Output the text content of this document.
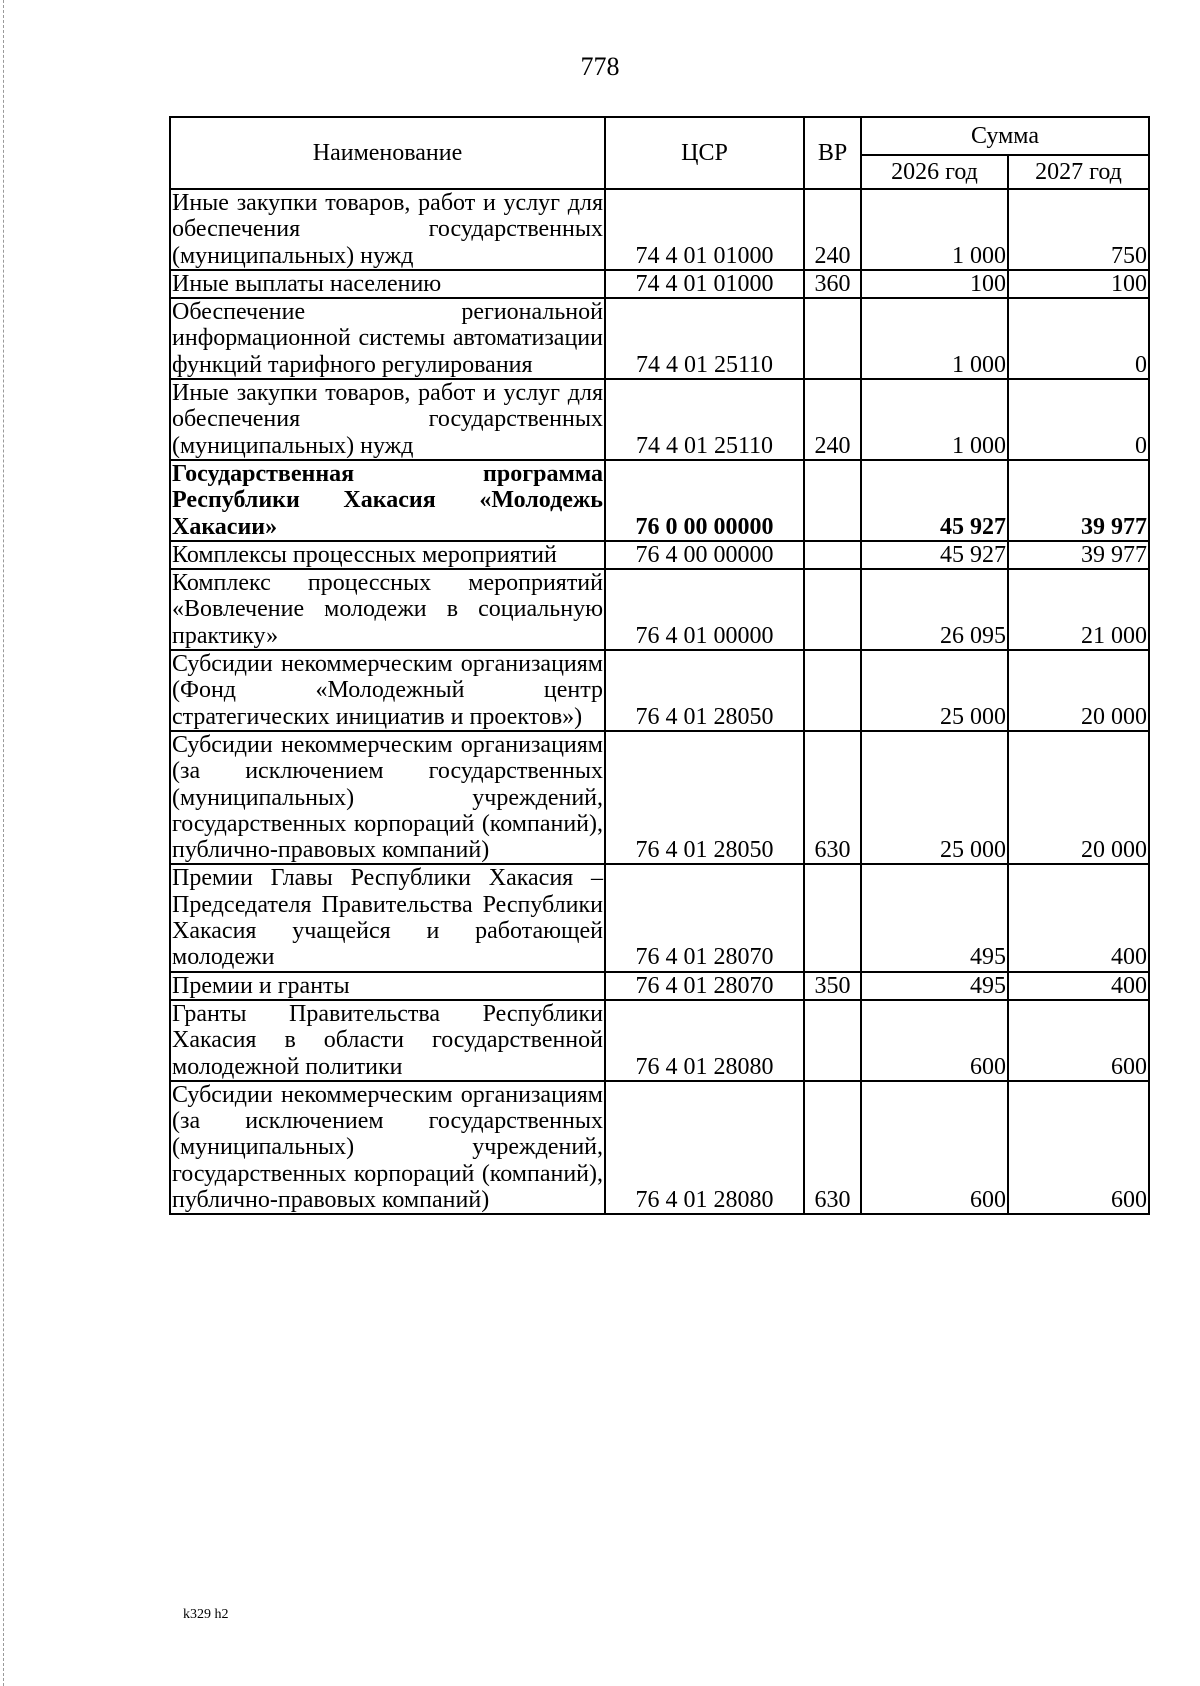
778
Наименование	ЦСР	ВР	Сумма	
			2026 год	2027 год
Иные закупки товаров, работ и услуг для обеспечения государственных (муниципальных) нужд	74 4 01 01000	240	1 000	750
Иные выплаты населению	74 4 01 01000	360	100	100
Обеспечение региональной информационной системы автоматизации функций тарифного регулирования	74 4 01 25110		1 000	0
Иные закупки товаров, работ и услуг для обеспечения государственных (муниципальных) нужд	74 4 01 25110	240	1 000	0
Государственная программа Республики Хакасия «Молодежь Хакасии»	76 0 00 00000		45 927	39 977
Комплексы процессных мероприятий	76 4 00 00000		45 927	39 977
Комплекс процессных мероприятий «Вовлечение молодежи в социальную практику»	76 4 01 00000		26 095	21 000
Субсидии некоммерческим организациям (Фонд «Молодежный центр стратегических инициатив и проектов»)	76 4 01 28050		25 000	20 000
Субсидии некоммерческим организациям (за исключением государственных (муниципальных) учреждений, государственных корпораций (компаний), публично-правовых компаний)	76 4 01 28050	630	25 000	20 000
Премии Главы Республики Хакасия – Председателя Правительства Республики Хакасия учащейся и работающей молодежи	76 4 01 28070		495	400
Премии и гранты	76 4 01 28070	350	495	400
Гранты Правительства Республики Хакасия в области государственной молодежной политики	76 4 01 28080		600	600
Субсидии некоммерческим организациям (за исключением государственных (муниципальных) учреждений, государственных корпораций (компаний), публично-правовых компаний)	76 4 01 28080	630	600	600
k329 h2
